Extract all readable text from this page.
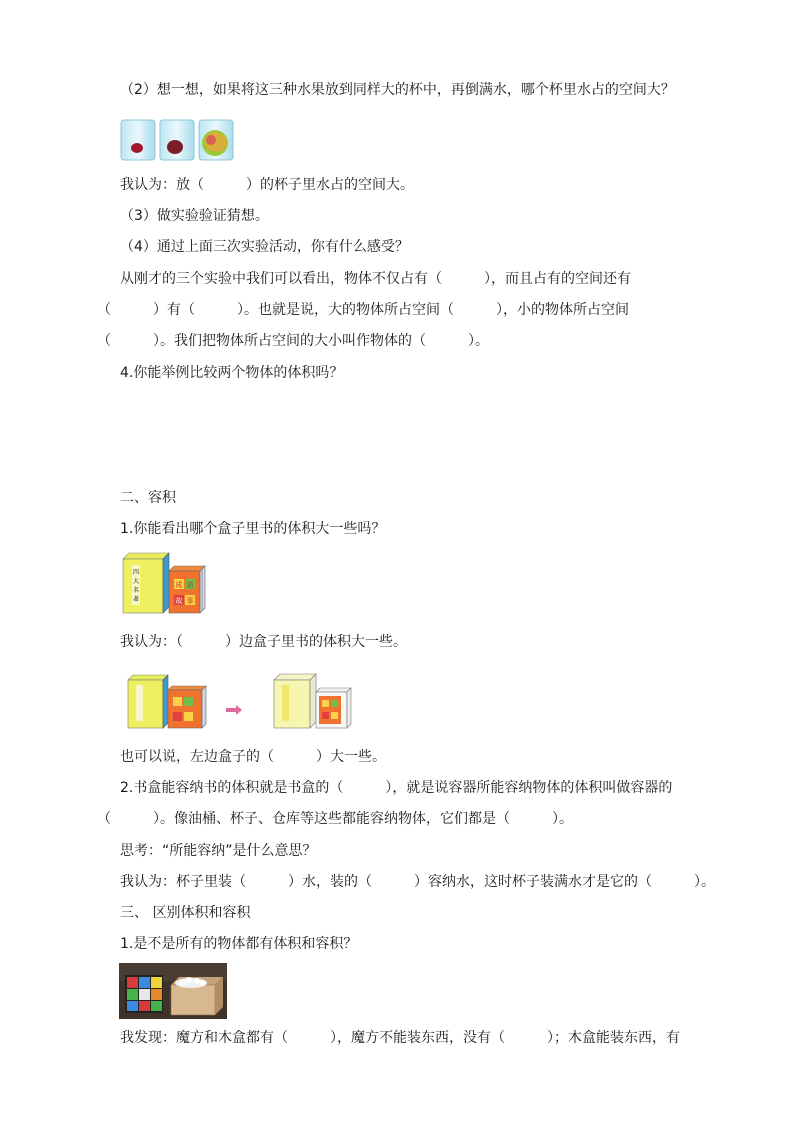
（2）想一想，如果将这三种水果放到同样大的杯中，再倒满水，哪个杯里水占的空间大？
我认为：放（　　　）的杯子里水占的空间大。
（3）做实验验证猜想。
（4）通过上面三次实验活动，你有什么感受？
从刚才的三个实验中我们可以看出，物体不仅占有（　　　），而且占有的空间还有
（　　　）有（　　　）。也就是说，大的物体所占空间（　　　），小的物体所占空间
（　　　）。我们把物体所占空间的大小叫作物体的（　　　）。
4.你能举例比较两个物体的体积吗？
二、容积
1.你能看出哪个盒子里书的体积大一些吗？
四
大
名
著
成 语
故 事
我认为：（　　　）边盒子里书的体积大一些。
也可以说，左边盒子的（　　　）大一些。
2.书盒能容纳书的体积就是书盒的（　　　），就是说容器所能容纳物体的体积叫做容器的
（　　　）。像油桶、杯子、仓库等这些都能容纳物体，它们都是（　　　）。
思考：“所能容纳”是什么意思？
我认为：杯子里装（　　　）水，装的（　　　）容纳水，这时杯子装满水才是它的（　　　）。
三、 区别体积和容积
1.是不是所有的物体都有体积和容积？
我发现：魔方和木盒都有（　　　），魔方不能装东西，没有（　　　）；木盒能装东西，有
